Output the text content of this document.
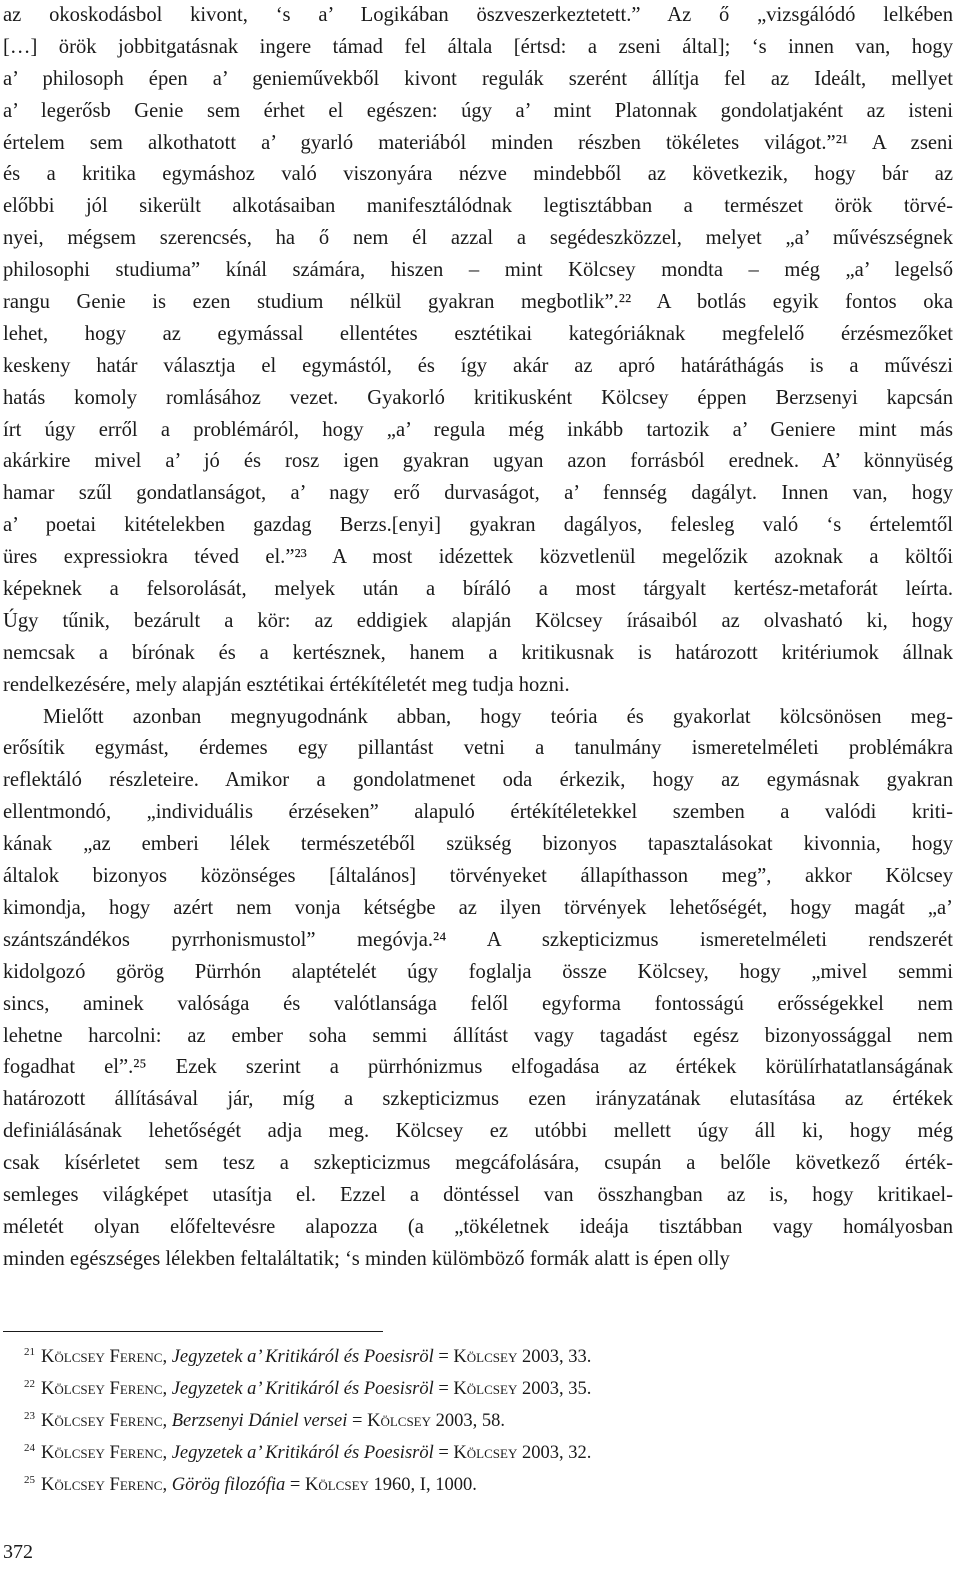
az okoskodásbol kivont, ‘s a’ Logikában öszveszerkeztetett.” Az ő „vizsgálódó lelkében
[…] örök jobbitgatásnak ingere támad fel általa [értsd: a zseni által]; ‘s innen van, hogy
a’ philosoph épen a’ genieművekből kivont regulák szerént állítja fel az Ideált, mellyet
a’ legerősb Genie sem érhet el egészen: úgy a’ mint Platonnak gondolatjaként az isteni
értelem sem alkothatott a’ gyarló materiából minden részben tökéletes világot.”²¹ A zseni
és a kritika egymáshoz való viszonyára nézve mindebből az következik, hogy bár az
előbbi jól sikerült alkotásaiban manifesztálódnak legtisztábban a természet örök törvé-
nyei, mégsem szerencsés, ha ő nem él azzal a segédeszközzel, melyet „a’ művészségnek
philosophi studiuma” kínál számára, hiszen – mint Kölcsey mondta – még „a’ legelső
rangu Genie is ezen studium nélkül gyakran megbotlik”.²² A botlás egyik fontos oka
lehet, hogy az egymással ellentétes esztétikai kategóriáknak megfelelő érzésmezőket
keskeny határ választja el egymástól, és így akár az apró határáthágás is a művészi
hatás komoly romlásához vezet. Gyakorló kritikusként Kölcsey éppen Berzsenyi kapcsán
írt úgy erről a problémáról, hogy „a’ regula még inkább tartozik a’ Geniere mint más
akárkire mivel a’ jó és rosz igen gyakran ugyan azon forrásból erednek. A’ könnyüség
hamar szűl gondatlanságot, a’ nagy erő durvaságot, a’ fennség dagályt. Innen van, hogy
a’ poetai kitételekben gazdag Berzs.[enyi] gyakran dagályos, felesleg való ‘s értelemtől
üres expressiokra téved el.”²³ A most idézettek közvetlenül megelőzik azoknak a költői
képeknek a felsorolását, melyek után a bíráló a most tárgyalt kertész-metaforát leírta.
Úgy tűnik, bezárult a kör: az eddigiek alapján Kölcsey írásaiból az olvasható ki, hogy
nemcsak a bírónak és a kertésznek, hanem a kritikusnak is határozott kritériumok állnak
rendelkezésére, mely alapján esztétikai értékítéletét meg tudja hozni.
Mielőtt azonban megnyugodnánk abban, hogy teória és gyakorlat kölcsönösen meg-
erősítik egymást, érdemes egy pillantást vetni a tanulmány ismeretelméleti problémákra
reflektáló részleteire. Amikor a gondolatmenet oda érkezik, hogy az egymásnak gyakran
ellentmondó, „individuális érzéseken” alapuló értékítéletekkel szemben a valódi kriti-
kának „az emberi lélek természetéből szükség bizonyos tapasztalásokat kivonnia, hogy
általok bizonyos közönséges [általános] törvényeket állapíthasson meg”, akkor Kölcsey
kimondja, hogy azért nem vonja kétségbe az ilyen törvények lehetőségét, hogy magát „a’
szántszándékos pyrrhonismustol” megóvja.²⁴ A szkepticizmus ismeretelméleti rendszerét
kidolgozó görög Pürrhón alaptételét úgy foglalja össze Kölcsey, hogy „mivel semmi
sincs, aminek valósága és valótlansága felől egyforma fontosságú erősségekkel nem
lehetne harcolni: az ember soha semmi állítást vagy tagadást egész bizonyossággal nem
fogadhat el”.²⁵ Ezek szerint a pürrhónizmus elfogadása az értékek körülírhatatlanságának
határozott állításával jár, míg a szkepticizmus ezen irányzatának elutasítása az értékek
definiálásának lehetőségét adja meg. Kölcsey ez utóbbi mellett úgy áll ki, hogy még
csak kísérletet sem tesz a szkepticizmus megcáfolására, csupán a belőle következő érték-
semleges világképet utasítja el. Ezzel a döntéssel van összhangban az is, hogy kritikael-
méletét olyan előfeltevésre alapozza (a „tökéletnek ideája tisztábban vagy homályosban
minden egészséges lélekben feltaláltatik; ‘s minden külömböző formák alatt is épen olly
$^{21}$ Kölcsey Ferenc, Jegyzetek a’ Kritikáról és Poesisröl = Kölcsey 2003, 33.
$^{22}$ Kölcsey Ferenc, Jegyzetek a’ Kritikáról és Poesisröl = Kölcsey 2003, 35.
$^{23}$ Kölcsey Ferenc, Berzsenyi Dániel versei = Kölcsey 2003, 58.
$^{24}$ Kölcsey Ferenc, Jegyzetek a’ Kritikáról és Poesisröl = Kölcsey 2003, 32.
$^{25}$ Kölcsey Ferenc, Görög filozófia = Kölcsey 1960, I, 1000.
372
